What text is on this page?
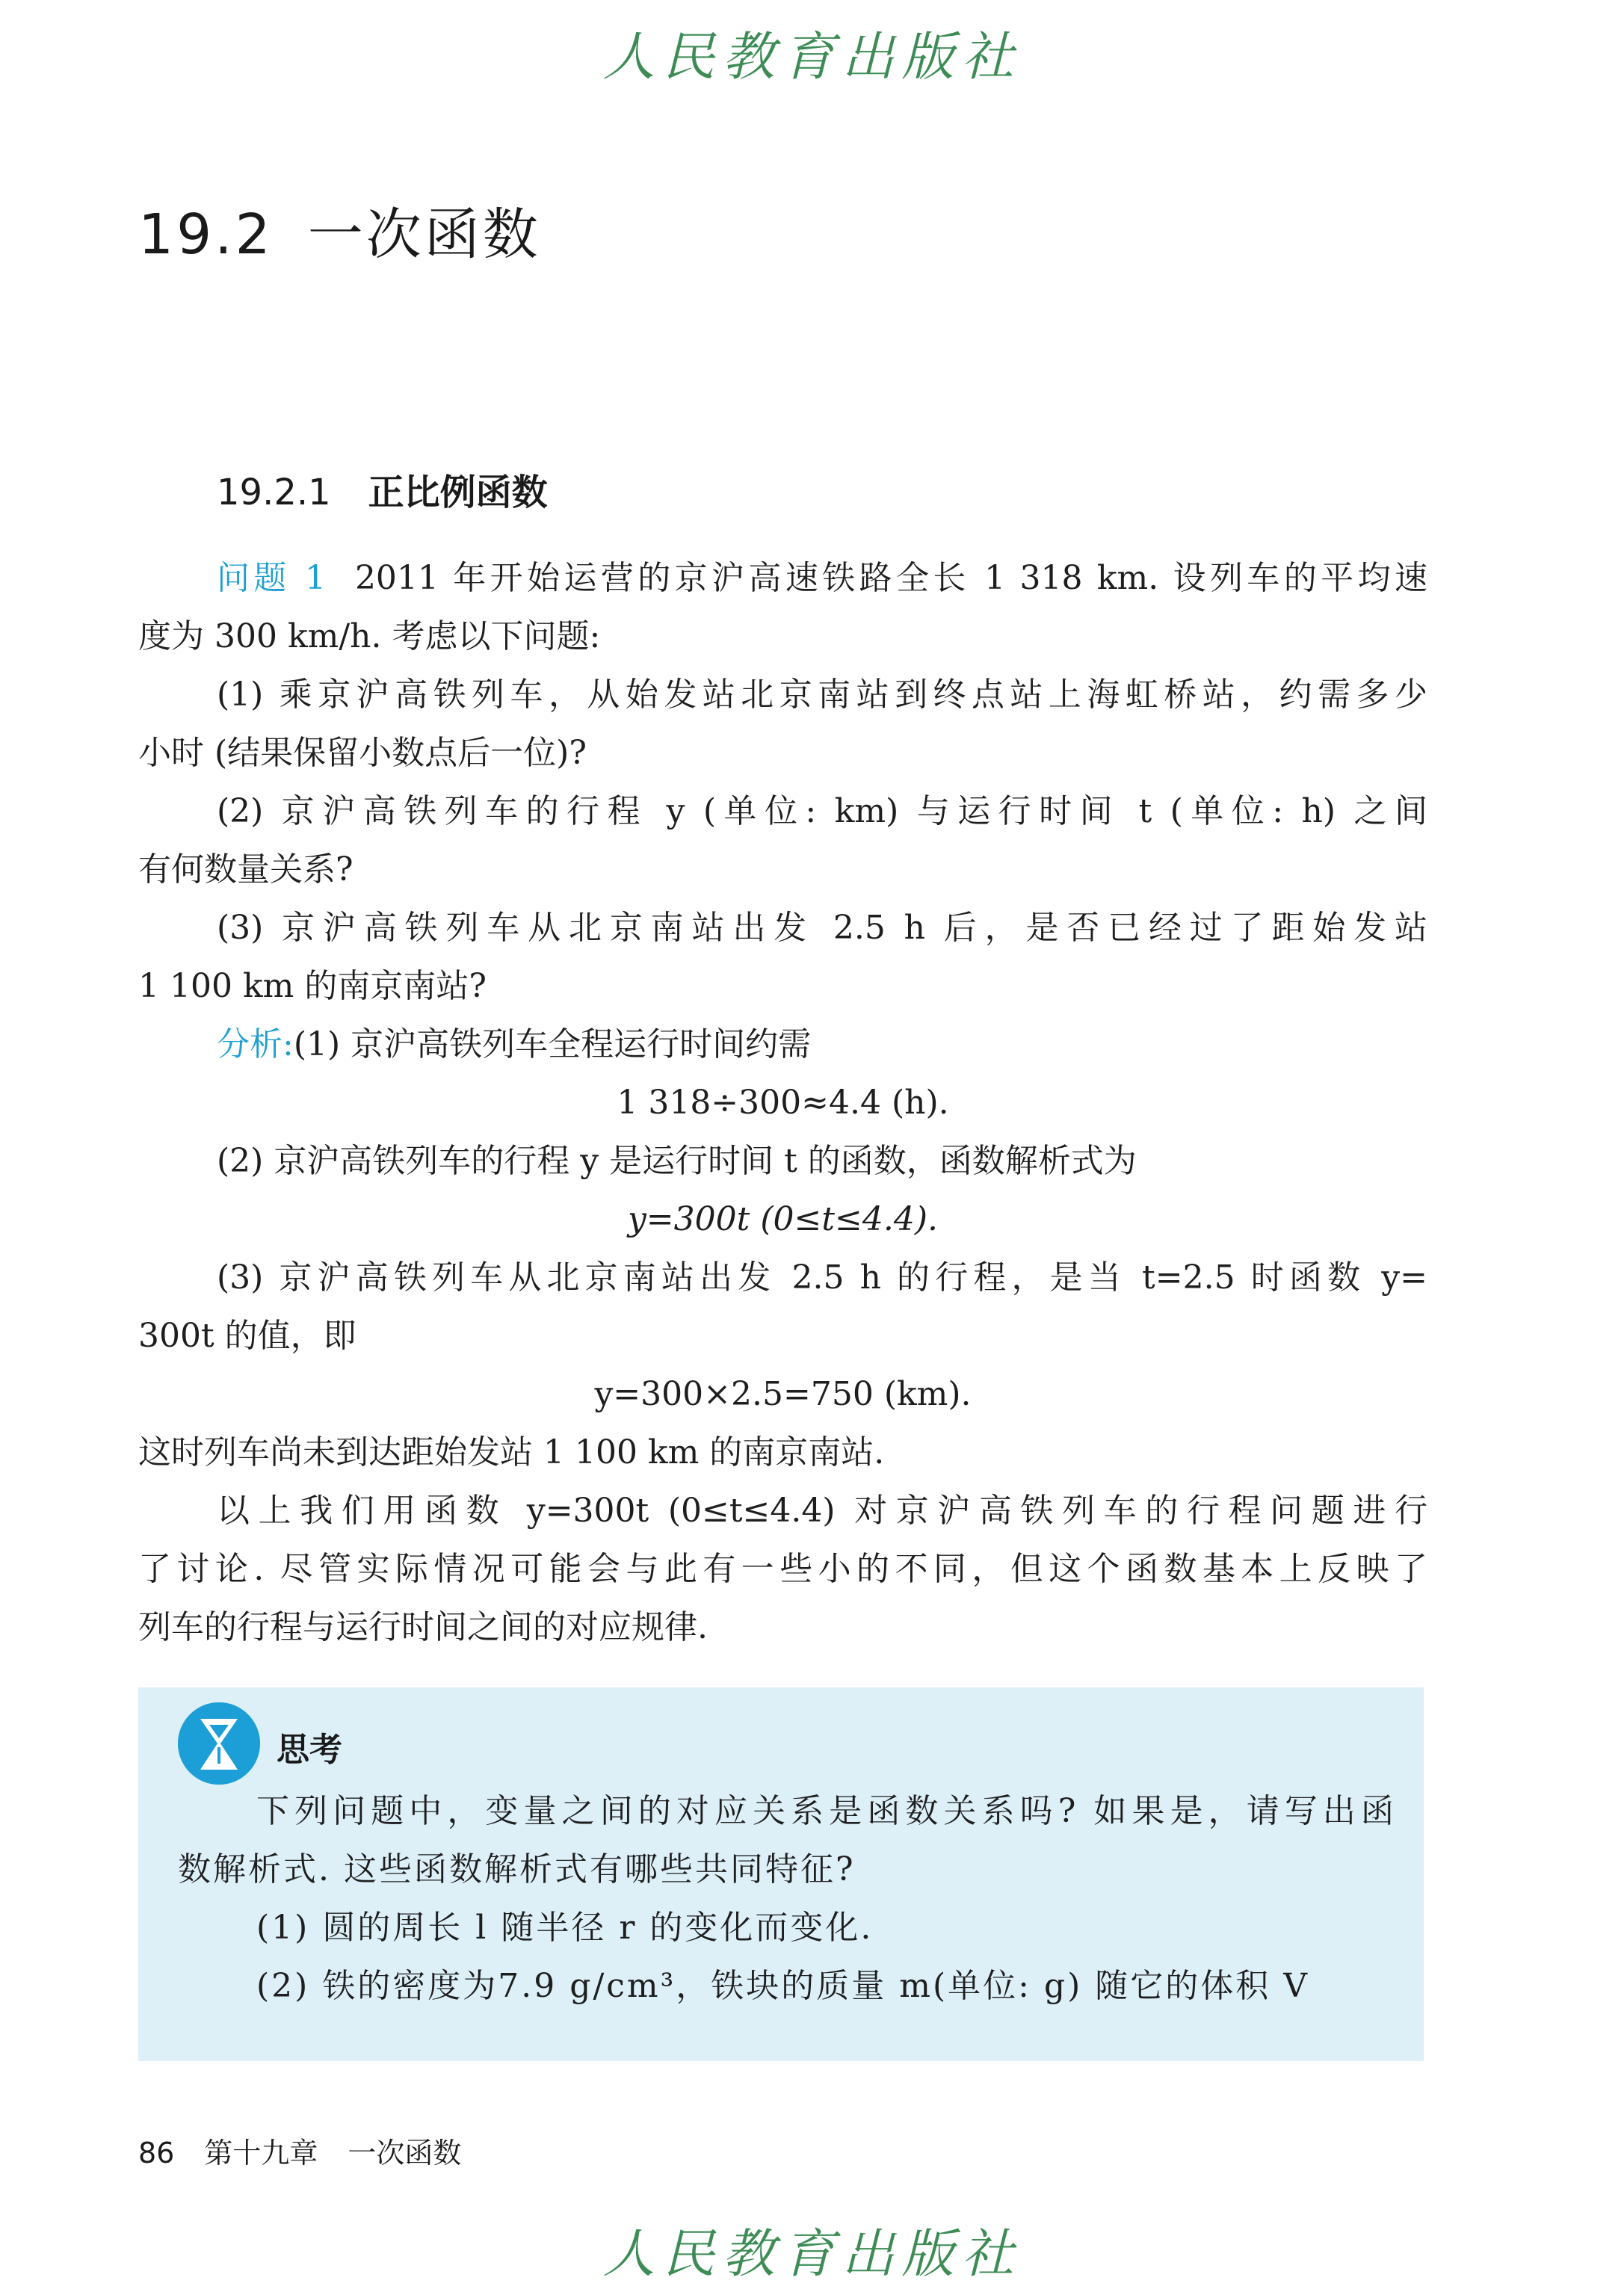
人民教育出版社
19.2 一次函数
19.2.1 正比例函数
问题 1 2011 年开始运营的京沪高速铁路全长 1 318 km. 设列车的平均速
度为 300 km/h. 考虑以下问题:
(1) 乘京沪高铁列车，从始发站北京南站到终点站上海虹桥站，约需多少
小时 (结果保留小数点后一位)?
(2) 京沪高铁列车的行程 y (单位: km) 与运行时间 t (单位: h) 之间
有何数量关系?
(3) 京沪高铁列车从北京南站出发 2.5 h 后，是否已经过了距始发站
1 100 km 的南京南站?
分析:(1) 京沪高铁列车全程运行时间约需
1 318÷300≈4.4 (h).
(2) 京沪高铁列车的行程 y 是运行时间 t 的函数，函数解析式为
y=300t (0≤t≤4.4).
(3) 京沪高铁列车从北京南站出发 2.5 h 的行程，是当 t=2.5 时函数 y=
300t 的值，即
y=300×2.5=750 (km).
这时列车尚未到达距始发站 1 100 km 的南京南站.
以上我们用函数 y=300t (0≤t≤4.4) 对京沪高铁列车的行程问题进行
了讨论. 尽管实际情况可能会与此有一些小的不同，但这个函数基本上反映了
列车的行程与运行时间之间的对应规律.
思考
下列问题中，变量之间的对应关系是函数关系吗? 如果是，请写出函
数解析式. 这些函数解析式有哪些共同特征?
(1) 圆的周长 l 随半径 r 的变化而变化.
(2) 铁的密度为7.9 g/cm³，铁块的质量 m(单位: g) 随它的体积 V
86 第十九章 一次函数
人民教育出版社
